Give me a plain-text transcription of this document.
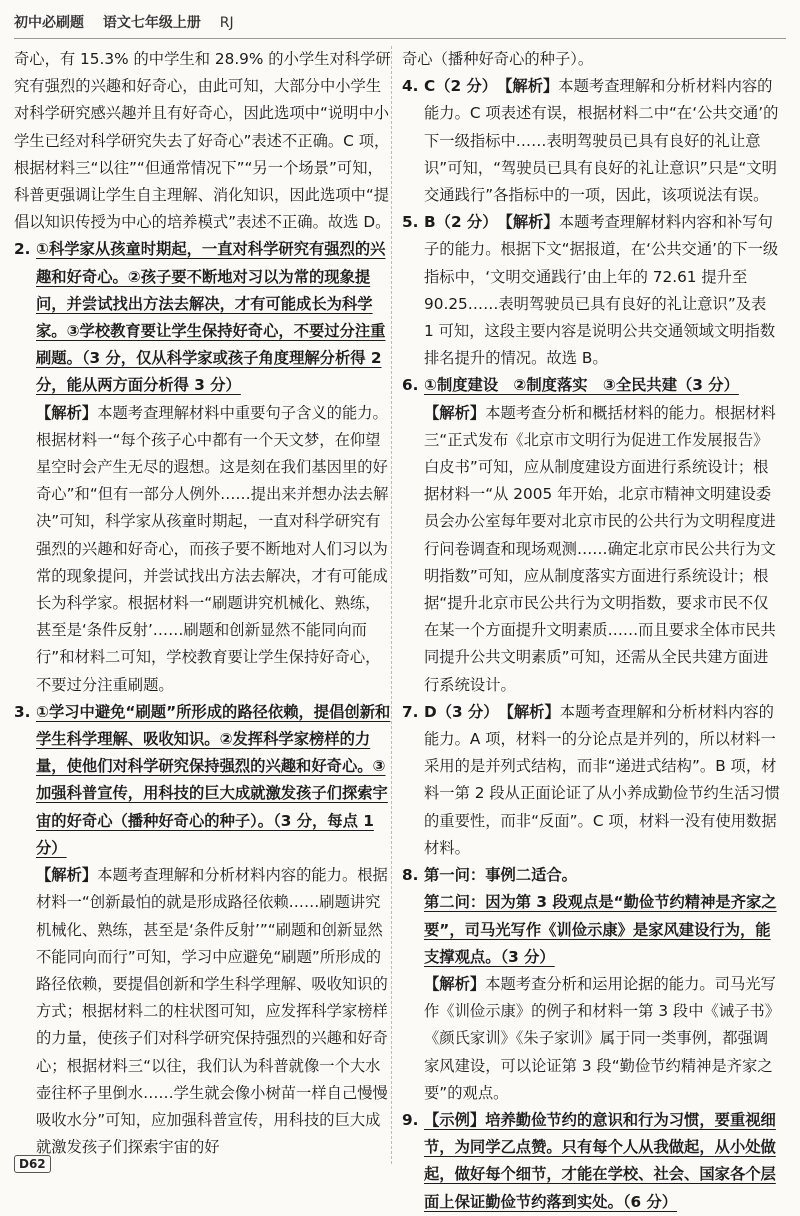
初中必刷题 语文七年级上册 RJ

奇心，有 15.3% 的中学生和 28.9% 的小学生对科学研究有强烈的兴趣和好奇心，由此可知，大部分中小学生对科学研究感兴趣并且有好奇心，因此选项中“说明中小学生已经对科学研究失去了好奇心”表述不正确。C 项，根据材料三“以往”“但通常情况下”“另一个场景”可知，科普更强调让学生自主理解、消化知识，因此选项中“提倡以知识传授为中心的培养模式”表述不正确。故选 D。

2. ①科学家从孩童时期起，一直对科学研究有强烈的兴趣和好奇心。②孩子要不断地对习以为常的现象提问，并尝试找出方法去解决，才有可能成长为科学家。③学校教育要让学生保持好奇心，不要过分注重刷题。（3 分，仅从科学家或孩子角度理解分析得 2 分，能从两方面分析得 3 分）

【解析】本题考查理解材料中重要句子含义的能力。根据材料一“每个孩子心中都有一个天文梦，在仰望星空时会产生无尽的遐想。这是刻在我们基因里的好奇心”和“但有一部分人例外……提出来并想办法去解决”可知，科学家从孩童时期起，一直对科学研究有强烈的兴趣和好奇心，而孩子要不断地对人们习以为常的现象提问，并尝试找出方法去解决，才有可能成长为科学家。根据材料一“刷题讲究机械化、熟练，甚至是‘条件反射’……刷题和创新显然不能同向而行”和材料二可知，学校教育要让学生保持好奇心，不要过分注重刷题。

3. ①学习中避免“刷题”所形成的路径依赖，提倡创新和学生科学理解、吸收知识。②发挥科学家榜样的力量，使他们对科学研究保持强烈的兴趣和好奇心。③加强科普宣传，用科技的巨大成就激发孩子们探索宇宙的好奇心（播种好奇心的种子）。（3 分，每点 1 分）

【解析】本题考查理解和分析材料内容的能力。根据材料一“创新最怕的就是形成路径依赖……刷题讲究机械化、熟练，甚至是‘条件反射’”“刷题和创新显然不能同向而行”可知，学习中应避免“刷题”所形成的路径依赖，要提倡创新和学生科学理解、吸收知识的方式；根据材料二的柱状图可知，应发挥科学家榜样的力量，使孩子们对科学研究保持强烈的兴趣和好奇心；根据材料三“以往，我们认为科普就像一个大水壶往杯子里倒水……学生就会像小树苗一样自己慢慢吸收水分”可知，应加强科普宣传，用科技的巨大成就激发孩子们探索宇宙的好

奇心（播种好奇心的种子）。

4. C（2 分）　 【解析】本题考查理解和分析材料内容的能力。C 项表述有误，根据材料二中“在‘公共交通’的下一级指标中……表明驾驶员已具有良好的礼让意识”可知，“驾驶员已具有良好的礼让意识”只是“文明交通践行”各指标中的一项，因此，该项说法有误。
5. B（2 分）　 【解析】本题考查理解材料内容和补写句子的能力。根据下文“据报道，在‘公共交通’的下一级指标中，‘文明交通践行’由上年的 72.61 提升至 90.25……表明驾驶员已具有良好的礼让意识”及表 1 可知，这段主要内容是说明公共交通领域文明指数排名提升的情况。故选 B。
6. ①制度建设　②制度落实　③全民共建（3 分）

【解析】本题考查分析和概括材料的能力。根据材料三“正式发布《北京市文明行为促进工作发展报告》白皮书”可知，应从制度建设方面进行系统设计；根据材料一“从 2005 年开始，北京市精神文明建设委员会办公室每年要对北京市民的公共行为文明程度进行问卷调查和现场观测……确定北京市民公共行为文明指数”可知，应从制度落实方面进行系统设计；根据“提升北京市民公共行为文明指数，要求市民不仅在某一个方面提升文明素质……而且要求全体市民共同提升公共文明素质”可知，还需从全民共建方面进行系统设计。

7. D（3 分）　 【解析】本题考查理解和分析材料内容的能力。A 项，材料一的分论点是并列的，所以材料一采用的是并列式结构，而非“递进式结构”。B 项，材料一第 2 段从正面论证了从小养成勤俭节约生活习惯的重要性，而非“反面”。C 项，材料一没有使用数据材料。
8. 第一问：事例二适合。

第二问：因为第 3 段观点是“勤俭节约精神是齐家之要”，司马光写作《训俭示康》是家风建设行为，能支撑观点。（3 分）

【解析】本题考查分析和运用论据的能力。司马光写作《训俭示康》的例子和材料一第 3 段中《诫子书》《颜氏家训》《朱子家训》属于同一类事例，都强调家风建设，可以论证第 3 段“勤俭节约精神是齐家之要”的观点。

9. 【示例】培养勤俭节约的意识和行为习惯，要重视细节，为同学乙点赞。只有每个人从我做起，从小处做起，做好每个细节，才能在学校、社会、国家各个层面上保证勤俭节约落到实处。（6 分）
D62
